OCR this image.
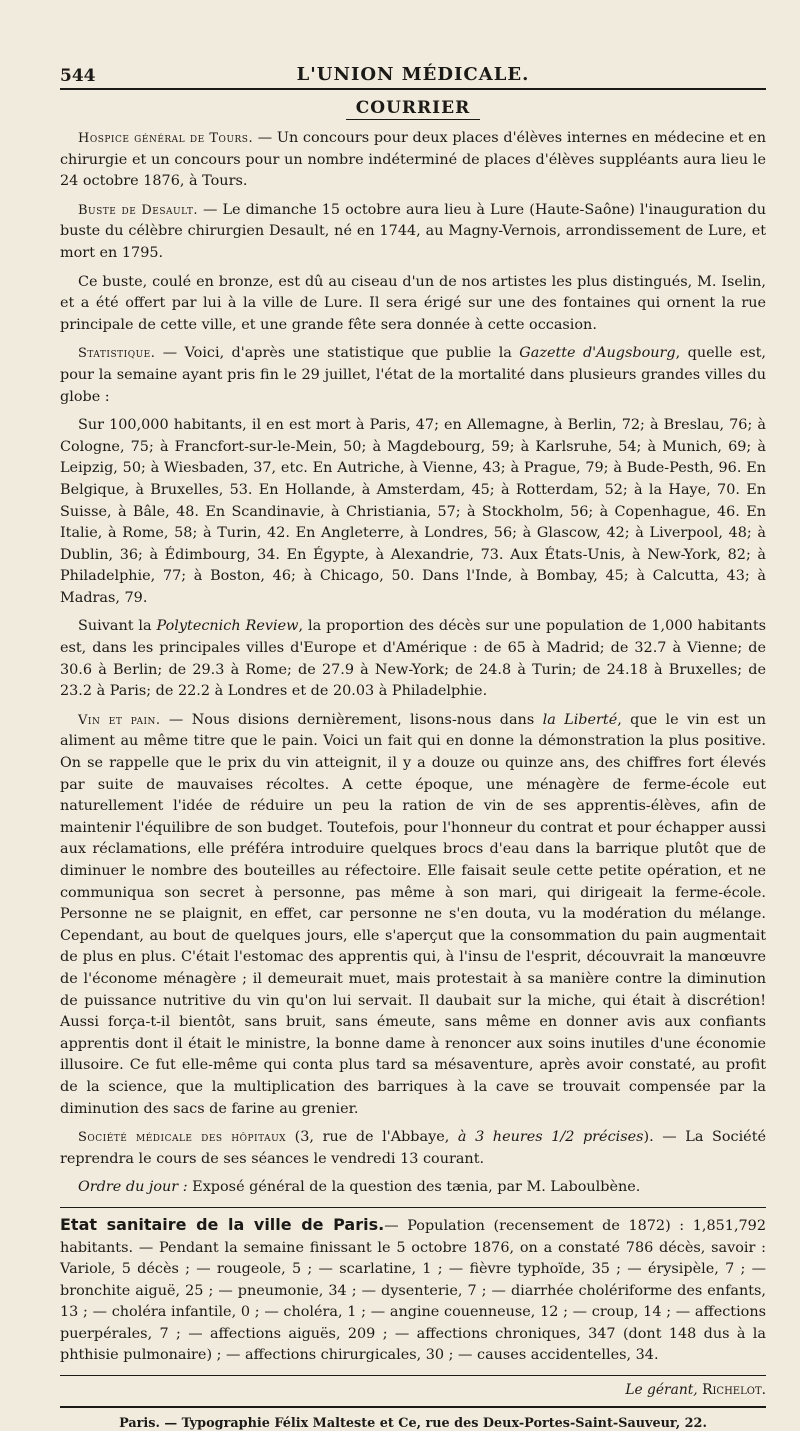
544	L'UNION MÉDICALE.
COURRIER

Hospice général de Tours. — Un concours pour deux places d'élèves internes en médecine et en chirurgie et un concours pour un nombre indéterminé de places d'élèves suppléants aura lieu le 24 octobre 1876, à Tours.

Buste de Desault. — Le dimanche 15 octobre aura lieu à Lure (Haute-Saône) l'inauguration du buste du célèbre chirurgien Desault, né en 1744, au Magny-Vernois, arrondissement de Lure, et mort en 1795.

Ce buste, coulé en bronze, est dû au ciseau d'un de nos artistes les plus distingués, M. Iselin, et a été offert par lui à la ville de Lure. Il sera érigé sur une des fontaines qui ornent la rue principale de cette ville, et une grande fête sera donnée à cette occasion.

Statistique. — Voici, d'après une statistique que publie la Gazette d'Augsbourg, quelle est, pour la semaine ayant pris fin le 29 juillet, l'état de la mortalité dans plusieurs grandes villes du globe :

Sur 100,000 habitants, il en est mort à Paris, 47; en Allemagne, à Berlin, 72; à Breslau, 76; à Cologne, 75; à Francfort-sur-le-Mein, 50; à Magdebourg, 59; à Karlsruhe, 54; à Munich, 69; à Leipzig, 50; à Wiesbaden, 37, etc. En Autriche, à Vienne, 43; à Prague, 79; à Bude-Pesth, 96. En Belgique, à Bruxelles, 53. En Hollande, à Amsterdam, 45; à Rotterdam, 52; à la Haye, 70. En Suisse, à Bâle, 48. En Scandinavie, à Christiania, 57; à Stockholm, 56; à Copenhague, 46. En Italie, à Rome, 58; à Turin, 42. En Angleterre, à Londres, 56; à Glascow, 42; à Liverpool, 48; à Dublin, 36; à Édimbourg, 34. En Égypte, à Alexandrie, 73. Aux États-Unis, à New-York, 82; à Philadelphie, 77; à Boston, 46; à Chicago, 50. Dans l'Inde, à Bombay, 45; à Calcutta, 43; à Madras, 79.

Suivant la Polytecnich Review, la proportion des décès sur une population de 1,000 habitants est, dans les principales villes d'Europe et d'Amérique : de 65 à Madrid; de 32.7 à Vienne; de 30.6 à Berlin; de 29.3 à Rome; de 27.9 à New-York; de 24.8 à Turin; de 24.18 à Bruxelles; de 23.2 à Paris; de 22.2 à Londres et de 20.03 à Philadelphie.

Vin et pain. — Nous disions dernièrement, lisons-nous dans la Liberté, que le vin est un aliment au même titre que le pain. Voici un fait qui en donne la démonstration la plus positive. On se rappelle que le prix du vin atteignit, il y a douze ou quinze ans, des chiffres fort élevés par suite de mauvaises récoltes. A cette époque, une ménagère de ferme-école eut naturellement l'idée de réduire un peu la ration de vin de ses apprentis-élèves, afin de maintenir l'équilibre de son budget. Toutefois, pour l'honneur du contrat et pour échapper aussi aux réclamations, elle préféra introduire quelques brocs d'eau dans la barrique plutôt que de diminuer le nombre des bouteilles au réfectoire. Elle faisait seule cette petite opération, et ne communiqua son secret à personne, pas même à son mari, qui dirigeait la ferme-école. Personne ne se plaignit, en effet, car personne ne s'en douta, vu la modération du mélange. Cependant, au bout de quelques jours, elle s'aperçut que la consommation du pain augmentait de plus en plus. C'était l'estomac des apprentis qui, à l'insu de l'esprit, découvrait la manœuvre de l'économe ménagère ; il demeurait muet, mais protestait à sa manière contre la diminution de puissance nutritive du vin qu'on lui servait. Il daubait sur la miche, qui était à discrétion! Aussi força-t-il bientôt, sans bruit, sans émeute, sans même en donner avis aux confiants apprentis dont il était le ministre, la bonne dame à renoncer aux soins inutiles d'une économie illusoire. Ce fut elle-même qui conta plus tard sa mésaventure, après avoir constaté, au profit de la science, que la multiplication des barriques à la cave se trouvait compensée par la diminution des sacs de farine au grenier.

Société médicale des hôpitaux (3, rue de l'Abbaye, à 3 heures 1/2 précises). — La Société reprendra le cours de ses séances le vendredi 13 courant.

Ordre du jour : Exposé général de la question des tænia, par M. Laboulbène.

Etat sanitaire de la ville de Paris.— Population (recensement de 1872) : 1,851,792 habitants. — Pendant la semaine finissant le 5 octobre 1876, on a constaté 786 décès, savoir : Variole, 5 décès ; — rougeole, 5 ; — scarlatine, 1 ; — fièvre typhoïde, 35 ; — érysipèle, 7 ; — bronchite aiguë, 25 ; — pneumonie, 34 ; — dysenterie, 7 ; — diarrhée cholériforme des enfants, 13 ; — choléra infantile, 0 ; — choléra, 1 ; — angine couenneuse, 12 ; — croup, 14 ; — affections puerpérales, 7 ; — affections aiguës, 209 ; — affections chroniques, 347 (dont 148 dus à la phthisie pulmonaire) ; — affections chirurgicales, 30 ; — causes accidentelles, 34.

Le gérant, Richelot.
Paris. — Typographie Félix Malteste et Ce, rue des Deux-Portes-Saint-Sauveur, 22.
